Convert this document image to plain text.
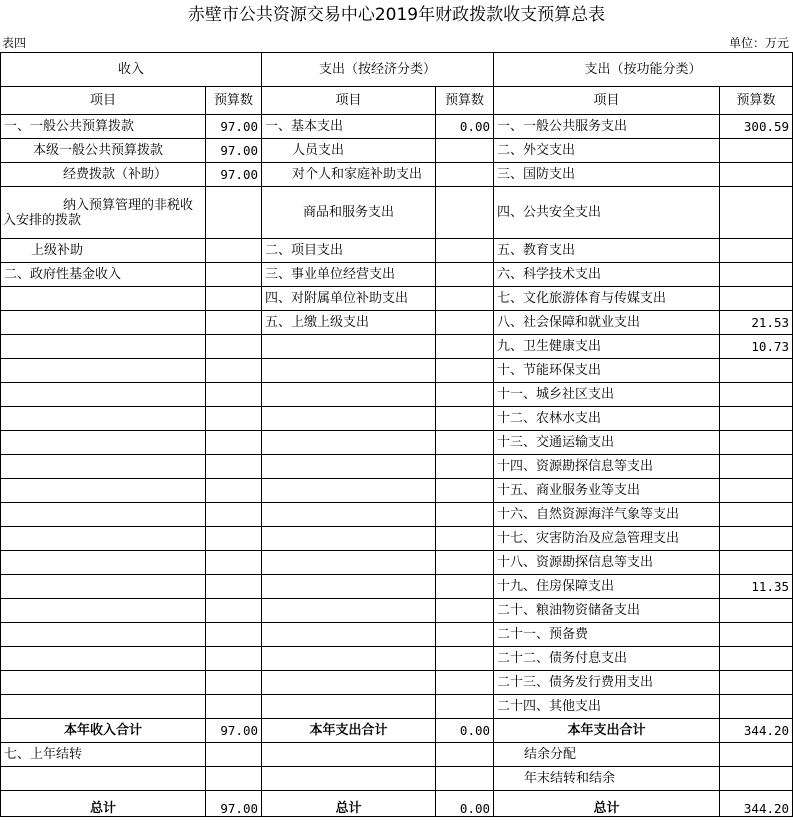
赤壁市公共资源交易中心2019年财政拨款收支预算总表
表四	单位：万元
收入		支出（按经济分类）		支出（按功能分类）	
项目	预算数	项目	预算数	项目	预算数
一、一般公共预算拨款	97.00	一、基本支出	0.00	一、一般公共服务支出	300.59
本级一般公共预算拨款	97.00	人员支出		二、外交支出	
经费拨款（补助）	97.00	对个人和家庭补助支出		三、国防支出	
纳入预算管理的非税收入安排的拨款		商品和服务支出		四、公共安全支出	
上级补助		二、项目支出		五、教育支出	
二、政府性基金收入		三、事业单位经营支出		六、科学技术支出	
		四、对附属单位补助支出		七、文化旅游体育与传媒支出	
		五、上缴上级支出		八、社会保障和就业支出	21.53
				九、卫生健康支出	10.73
				十、节能环保支出	
				十一、城乡社区支出	
				十二、农林水支出	
				十三、交通运输支出	
				十四、资源勘探信息等支出	
				十五、商业服务业等支出	
				十六、自然资源海洋气象等支出	
				十七、灾害防治及应急管理支出	
				十八、资源勘探信息等支出	
				十九、住房保障支出	11.35
				二十、粮油物资储备支出	
				二十一、预备费	
				二十二、债务付息支出	
				二十三、债务发行费用支出	
				二十四、其他支出	
本年收入合计	97.00	本年支出合计	0.00	本年支出合计	344.20
七、上年结转				结余分配	
				年末结转和结余	
总计	97.00	总计	0.00	总计	344.20
